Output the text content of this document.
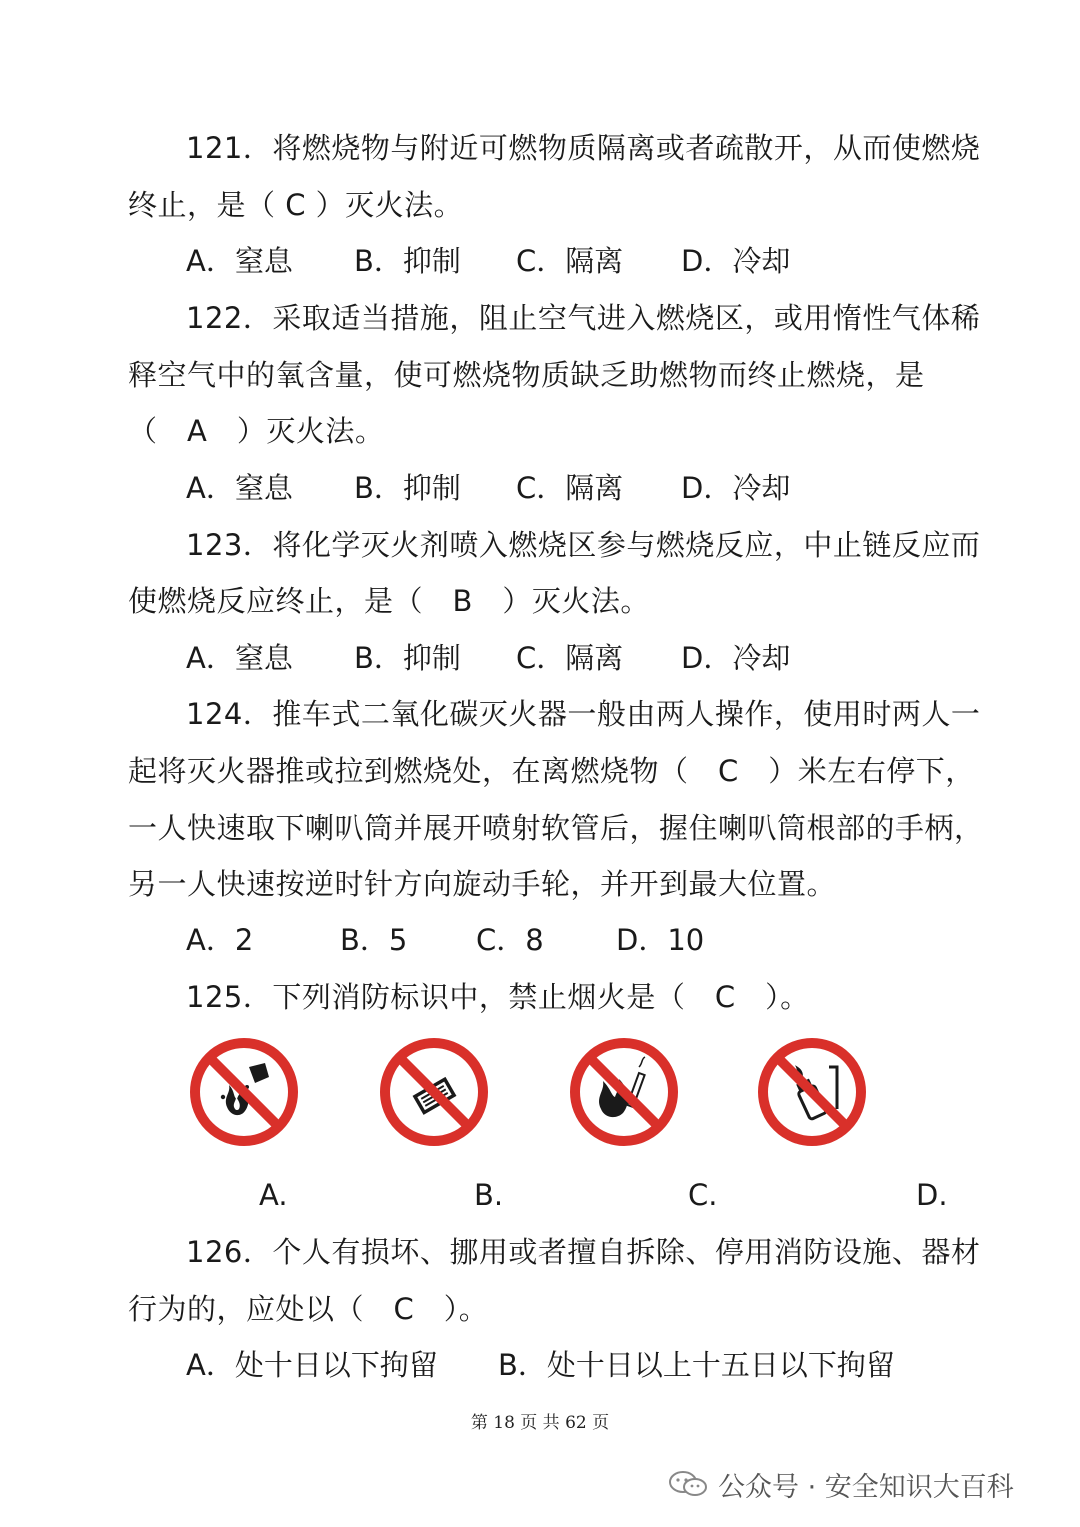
121．将燃烧物与附近可燃物质隔离或者疏散开，从而使燃烧
终止，是（ C ）灭火法。
A．窒息 B．抑制 C．隔离 D．冷却
122．采取适当措施，阻止空气进入燃烧区，或用惰性气体稀
释空气中的氧含量，使可燃烧物质缺乏助燃物而终止燃烧，是
（　A　）灭火法。
A．窒息 B．抑制 C．隔离 D．冷却
123．将化学灭火剂喷入燃烧区参与燃烧反应，中止链反应而
使燃烧反应终止，是（　B　）灭火法。
A．窒息 B．抑制 C．隔离 D．冷却
124．推车式二氧化碳灭火器一般由两人操作，使用时两人一
起将灭火器推或拉到燃烧处，在离燃烧物（　C　）米左右停下，
一人快速取下喇叭筒并展开喷射软管后，握住喇叭筒根部的手柄，
另一人快速按逆时针方向旋动手轮，并开到最大位置。
A．2	B．5 C．8 D．10
125．下列消防标识中，禁止烟火是（　C　）。
A.	B.	C.	D.
126．个人有损坏、挪用或者擅自拆除、停用消防设施、器材
行为的，应处以（　C　）。
A．处十日以下拘留 B．处十日以上十五日以下拘留
第 18 页 共 62 页
公众号 · 安全知识大百科
